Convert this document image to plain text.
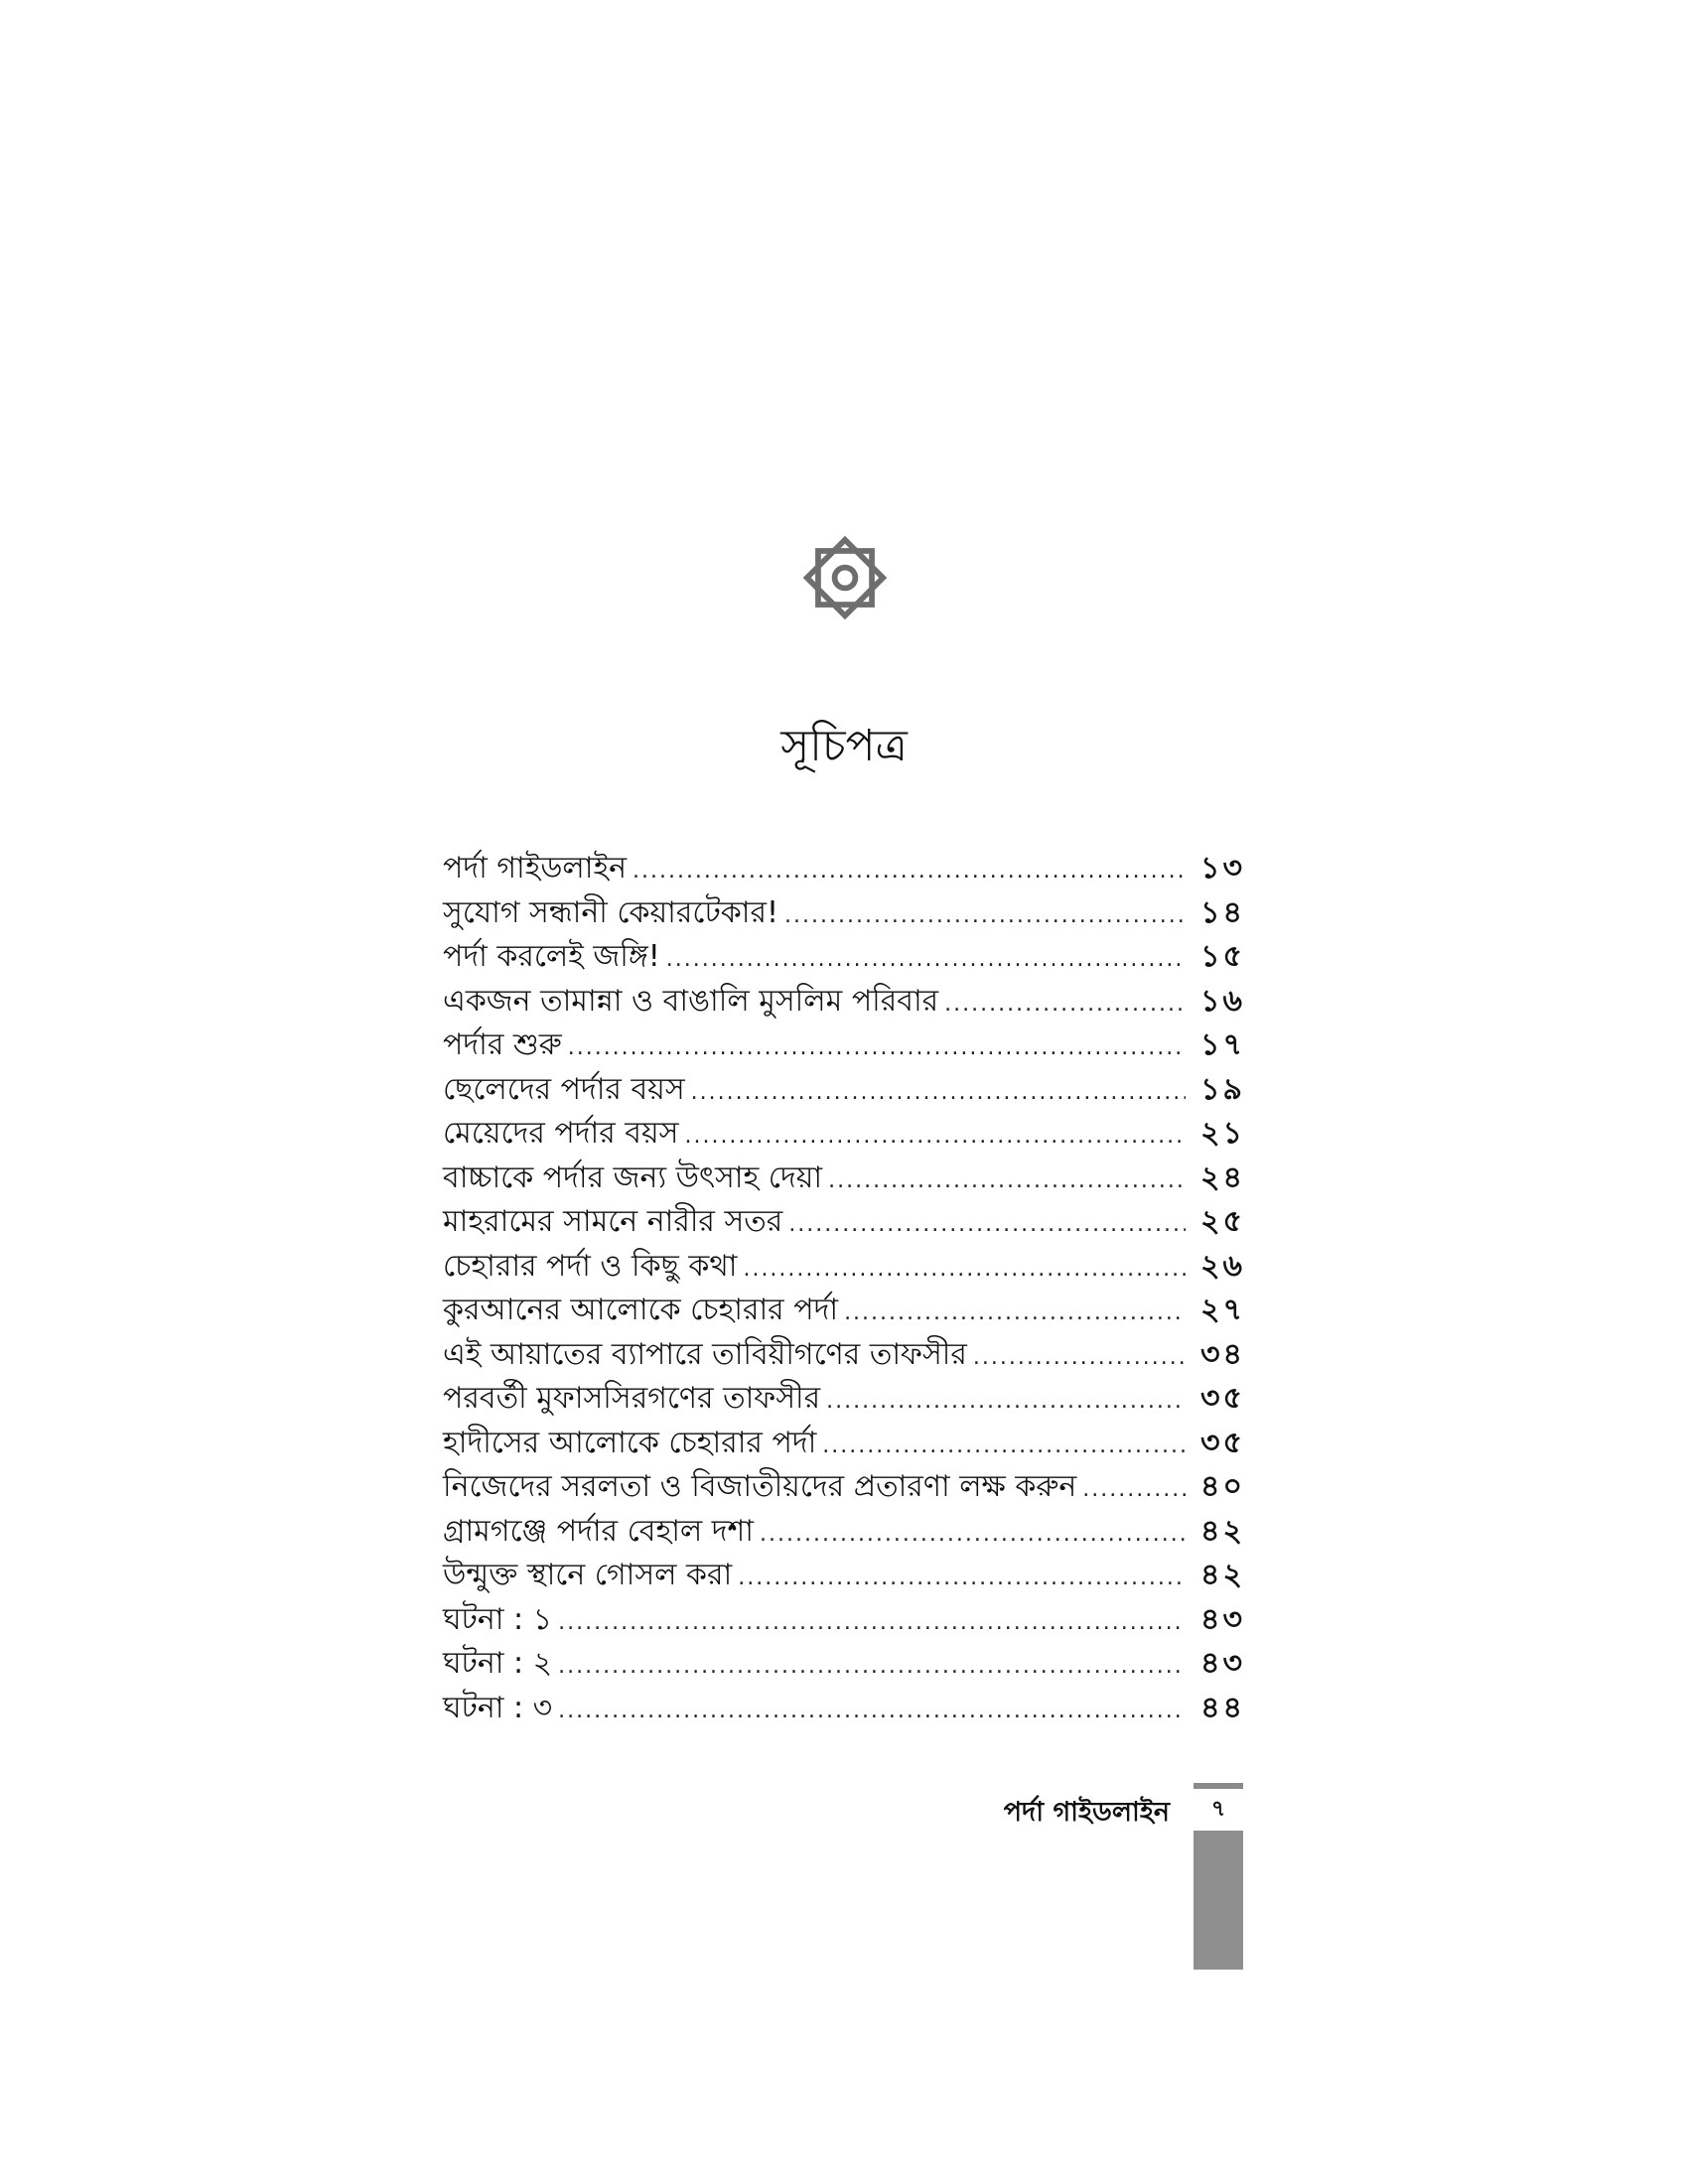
সূচিপত্র
পর্দা গাইডলাইন .....	১৩
সুযোগ সন্ধানী কেয়ারটেকার! .....	১৪
পর্দা করলেই জঙ্গি! .....	১৫
একজন তামান্না ও বাঙালি মুসলিম পরিবার .....	১৬
পর্দার শুরু .....	১৭
ছেলেদের পর্দার বয়স .....	১৯
মেয়েদের পর্দার বয়স .....	২১
বাচ্চাকে পর্দার জন্য উৎসাহ দেয়া .....	২৪
মাহরামের সামনে নারীর সতর .....	২৫
চেহারার পর্দা ও কিছু কথা .....	২৬
কুরআনের আলোকে চেহারার পর্দা .....	২৭
এই আয়াতের ব্যাপারে তাবিয়ীগণের তাফসীর .....	৩৪
পরবর্তী মুফাসসিরগণের তাফসীর .....	৩৫
হাদীসের আলোকে চেহারার পর্দা .....	৩৫
নিজেদের সরলতা ও বিজাতীয়দের প্রতারণা লক্ষ করুন .....	৪০
গ্রামগঞ্জে পর্দার বেহাল দশা .....	৪২
উন্মুক্ত স্থানে গোসল করা .....	৪২
ঘটনা : ১ .....	৪৩
ঘটনা : ২ .....	৪৩
ঘটনা : ৩ .....	৪৪
পর্দা গাইডলাইন	৭
